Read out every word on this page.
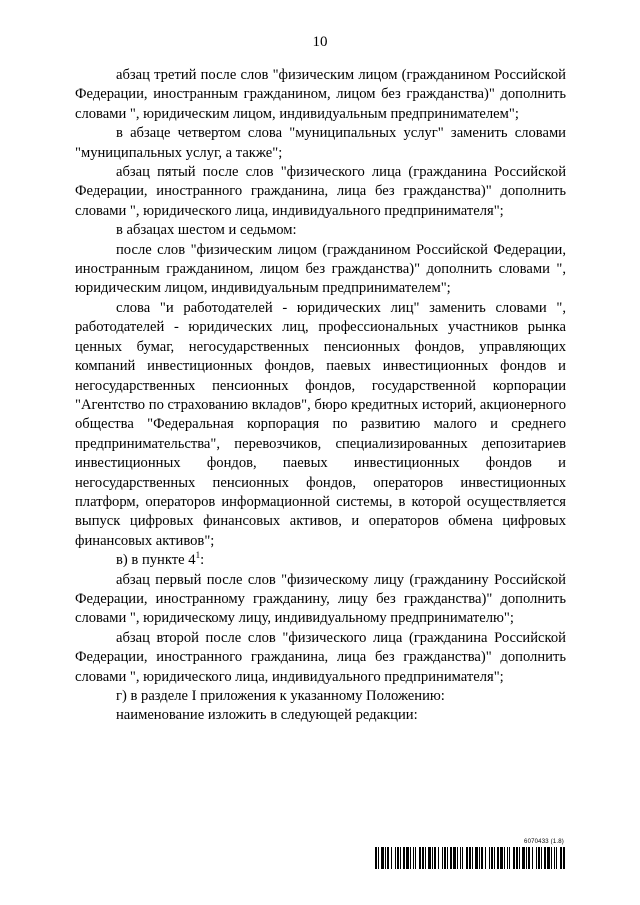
10

абзац третий после слов "физическим лицом (гражданином Российской Федерации, иностранным гражданином, лицом без гражданства)" дополнить словами ", юридическим лицом, индивидуальным предпринимателем";

в абзаце четвертом слова "муниципальных услуг" заменить словами "муниципальных услуг, а также";

абзац пятый после слов "физического лица (гражданина Российской Федерации, иностранного гражданина, лица без гражданства)" дополнить словами ", юридического лица, индивидуального предпринимателя";

в абзацах шестом и седьмом:

после слов "физическим лицом (гражданином Российской Федерации, иностранным гражданином, лицом без гражданства)" дополнить словами ", юридическим лицом, индивидуальным предпринимателем";

слова "и работодателей - юридических лиц" заменить словами ", работодателей - юридических лиц, профессиональных участников рынка ценных бумаг, негосударственных пенсионных фондов, управляющих компаний инвестиционных фондов, паевых инвестиционных фондов и негосударственных пенсионных фондов, государственной корпорации "Агентство по страхованию вкладов", бюро кредитных историй, акционерного общества "Федеральная корпорация по развитию малого и среднего предпринимательства", перевозчиков, специализированных депозитариев инвестиционных фондов, паевых инвестиционных фондов и негосударственных пенсионных фондов, операторов инвестиционных платформ, операторов информационной системы, в которой осуществляется выпуск цифровых финансовых активов, и операторов обмена цифровых финансовых активов";

в) в пункте $4^1$:

абзац первый после слов "физическому лицу (гражданину Российской Федерации, иностранному гражданину, лицу без гражданства)" дополнить словами ", юридическому лицу, индивидуальному предпринимателю";

абзац второй после слов "физического лица (гражданина Российской Федерации, иностранного гражданина, лица без гражданства)" дополнить словами ", юридического лица, индивидуального предпринимателя";

г) в разделе I приложения к указанному Положению:

наименование изложить в следующей редакции:

6070433 (1.8)
